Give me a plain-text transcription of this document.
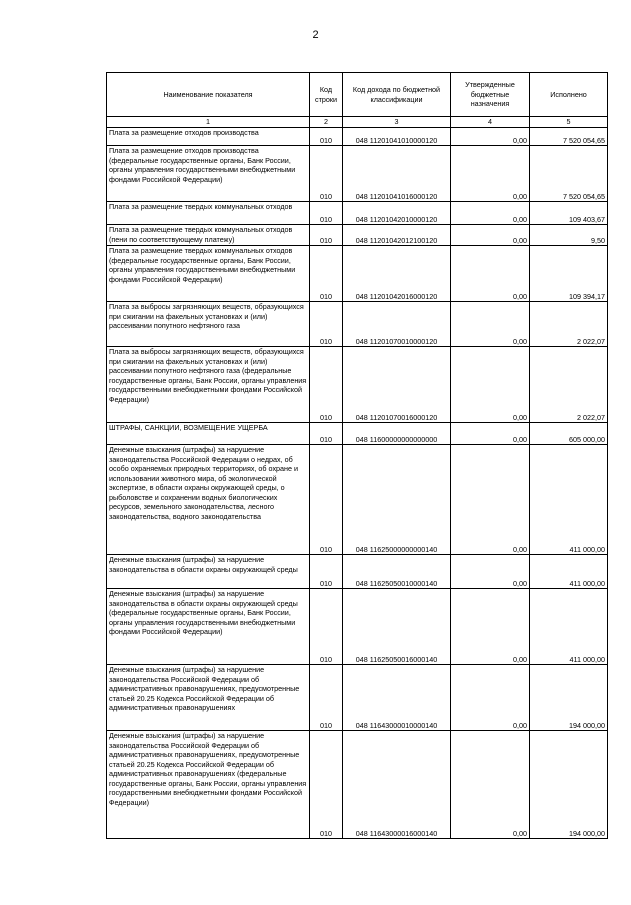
2
Наименование показателя	Код строки	Код дохода по бюджетной классификации	Утвержденные бюджетные назначения	Исполнено
1	2	3	4	5
Плата за размещение отходов производства	010	048 11201041010000120	0,00	7 520 054,65
Плата за размещение отходов производства (федеральные государственные органы, Банк России, органы управления государственными внебюджетными фондами Российской Федерации)	010	048 11201041016000120	0,00	7 520 054,65
Плата за размещение твердых коммунальных отходов	010	048 11201042010000120	0,00	109 403,67
Плата за размещение твердых коммунальных отходов (пени по соответствующему платежу)	010	048 11201042012100120	0,00	9,50
Плата за размещение твердых коммунальных отходов (федеральные государственные органы, Банк России, органы управления государственными внебюджетными фондами Российской Федерации)	010	048 11201042016000120	0,00	109 394,17
Плата за выбросы загрязняющих веществ, образующихся при сжигании на факельных установках и (или) рассеивании попутного нефтяного газа	010	048 11201070010000120	0,00	2 022,07
Плата за выбросы загрязняющих веществ, образующихся при сжигании на факельных установках и (или) рассеивании попутного нефтяного газа (федеральные государственные органы, Банк России, органы управления государственными внебюджетными фондами Российской Федерации)	010	048 11201070016000120	0,00	2 022,07
ШТРАФЫ, САНКЦИИ, ВОЗМЕЩЕНИЕ УЩЕРБА	010	048 11600000000000000	0,00	605 000,00
Денежные взыскания (штрафы) за нарушение законодательства Российской Федерации о недрах, об особо охраняемых природных территориях, об охране и использовании животного мира, об экологической экспертизе, в области охраны окружающей среды, о рыболовстве и сохранении водных биологических ресурсов, земельного законодательства, лесного законодательства, водного законодательства	010	048 11625000000000140	0,00	411 000,00
Денежные взыскания (штрафы) за нарушение законодательства в области охраны окружающей среды	010	048 11625050010000140	0,00	411 000,00
Денежные взыскания (штрафы) за нарушение законодательства в области охраны окружающей среды (федеральные государственные органы, Банк России, органы управления государственными внебюджетными фондами Российской Федерации)	010	048 11625050016000140	0,00	411 000,00
Денежные взыскания (штрафы) за нарушение законодательства Российской Федерации об административных правонарушениях, предусмотренные статьей 20.25 Кодекса Российской Федерации об административных правонарушениях	010	048 11643000010000140	0,00	194 000,00
Денежные взыскания (штрафы) за нарушение законодательства Российской Федерации об административных правонарушениях, предусмотренные статьей 20.25 Кодекса Российской Федерации об административных правонарушениях (федеральные государственные органы, Банк России, органы управления государственными внебюджетными фондами Российской Федерации)	010	048 11643000016000140	0,00	194 000,00
